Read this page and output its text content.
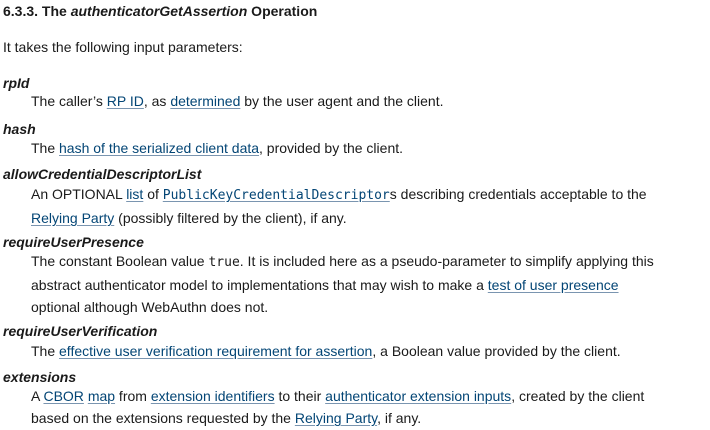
6.3.3. The authenticatorGetAssertion Operation
It takes the following input parameters:
rpId
The caller’s RP ID, as determined by the user agent and the client.
hash
The hash of the serialized client data, provided by the client.
allowCredentialDescriptorList
An OPTIONAL list of PublicKeyCredentialDescriptors describing credentials acceptable to the
Relying Party (possibly filtered by the client), if any.
requireUserPresence
The constant Boolean value true. It is included here as a pseudo-parameter to simplify applying this
abstract authenticator model to implementations that may wish to make a test of user presence
optional although WebAuthn does not.
requireUserVerification
The effective user verification requirement for assertion, a Boolean value provided by the client.
extensions
A CBOR map from extension identifiers to their authenticator extension inputs, created by the client
based on the extensions requested by the Relying Party, if any.
